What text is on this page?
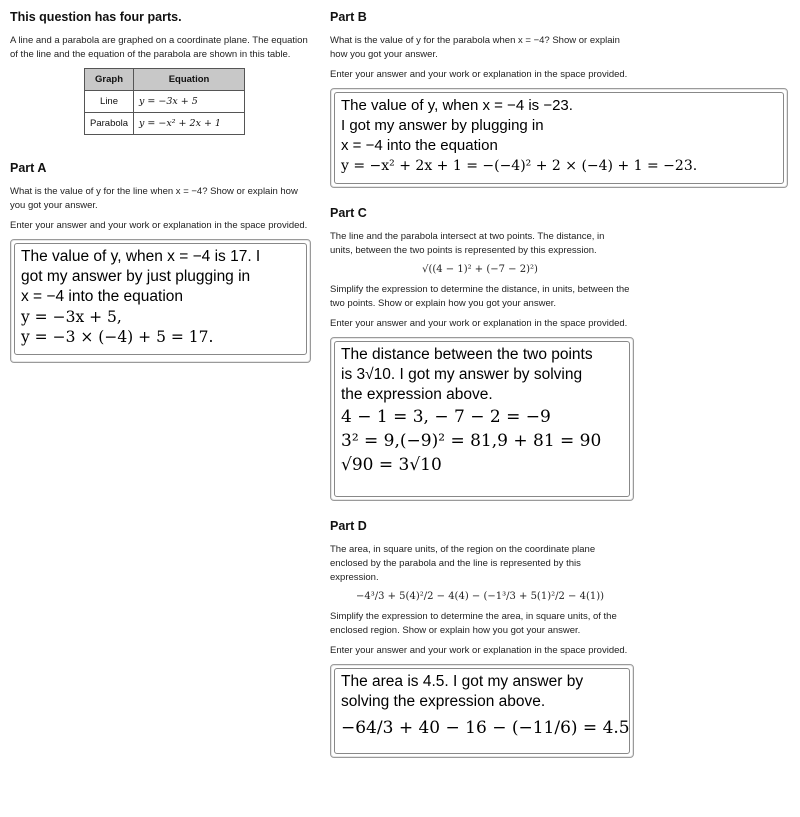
This question has four parts.

A line and a parabola are graphed on a coordinate plane. The equation of the line and the equation of the parabola are shown in this table.

Graph	Equation
Line	y = −3x + 5
Parabola	y = −x² + 2x + 1
Part A

What is the value of y for the line when x = −4? Show or explain how you got your answer.

Enter your answer and your work or explanation in the space provided.

The value of y, when x = −4 is 17. I
got my answer by just plugging in
x = −4 into the equation
y = −3x + 5,
y = −3 × (−4) + 5 = 17.
Part B

What is the value of y for the parabola when x = −4? Show or explain how you got your answer.

Enter your answer and your work or explanation in the space provided.

The value of y, when x = −4 is −23.
I got my answer by plugging in
x = −4 into the equation
y = −x² + 2x + 1 = −(−4)² + 2 × (−4) + 1 = −23.
Part C

The line and the parabola intersect at two points. The distance, in units, between the two points is represented by this expression.

√((4 − 1)² + (−7 − 2)²)

Simplify the expression to determine the distance, in units, between the two points. Show or explain how you got your answer.

Enter your answer and your work or explanation in the space provided.

The distance between the two points
is 3√10. I got my answer by solving
the expression above.
4 − 1 = 3, − 7 − 2 = −9
3² = 9,(−9)² = 81,9 + 81 = 90
√90 = 3√10
Part D

The area, in square units, of the region on the coordinate plane enclosed by the parabola and the line is represented by this expression.

−4³/3 + 5(4)²/2 − 4(4) − (−1³/3 + 5(1)²/2 − 4(1))

Simplify the expression to determine the area, in square units, of the enclosed region. Show or explain how you got your answer.

Enter your answer and your work or explanation in the space provided.

The area is 4.5. I got my answer by
solving the expression above.
−64/3 + 40 − 16 − (−11/6) = 4.5
